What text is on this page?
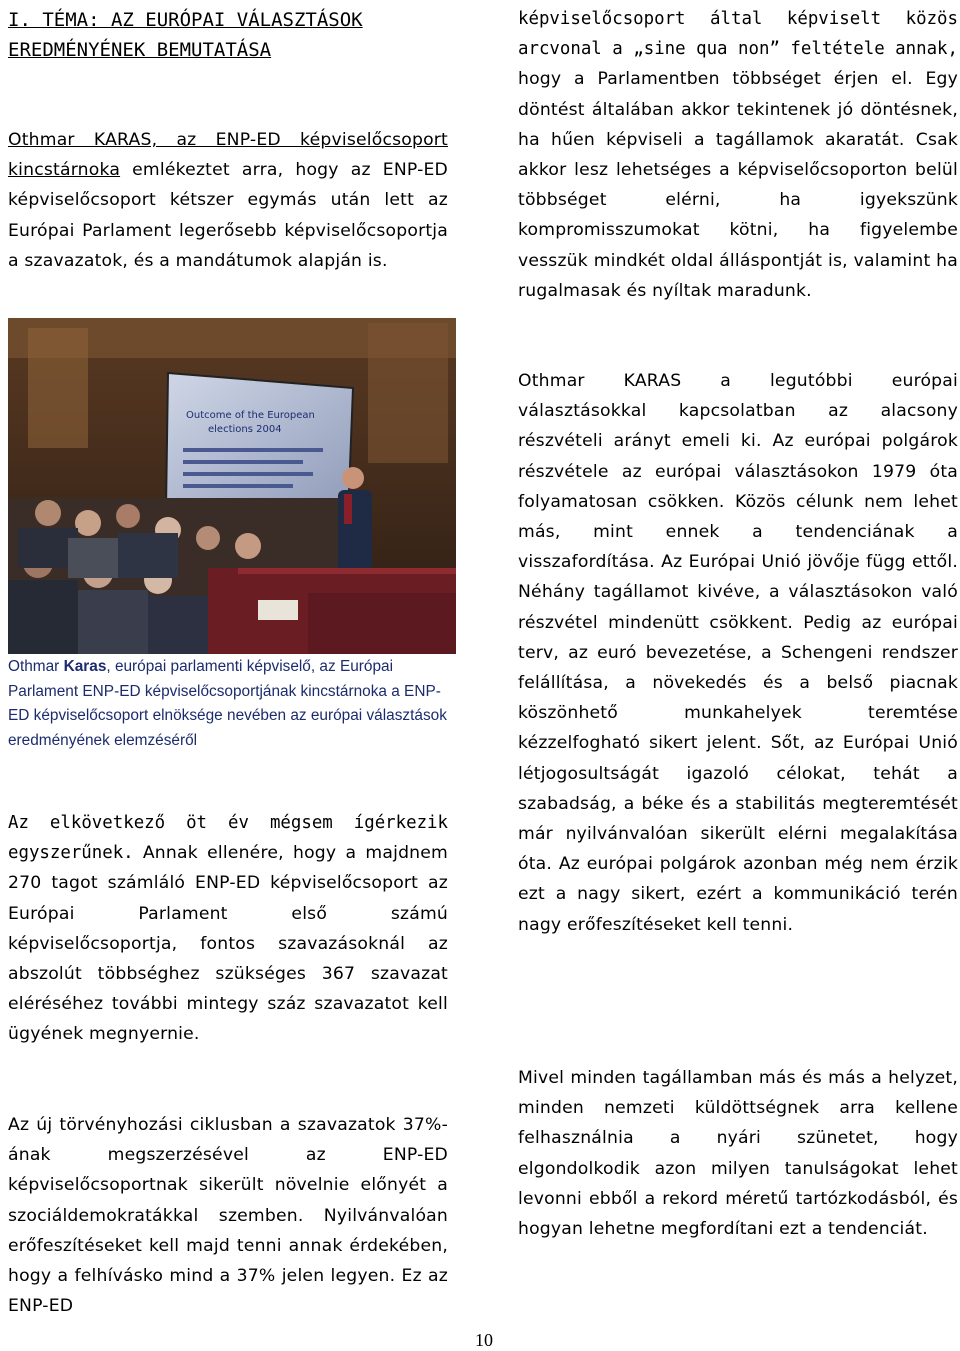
I. TÉMA: AZ EURÓPAI VÁLASZTÁSOK EREDMÉNYÉNEK BEMUTATÁSA

Othmar KARAS, az ENP-ED képviselőcsoport kincstárnoka emlékeztet arra, hogy az ENP-ED képviselőcsoport kétszer egymás után lett az Európai Parlament legerősebb képviselőcsoportja a szavazatok, és a mandátumok alapján is.

Outcome of the European
elections 2004

Othmar Karas, európai parlamenti képviselő, az Európai Parlament ENP-ED képviselőcsoportjának kincstárnoka a ENP-ED képviselőcsoport elnöksége nevében az európai választások eredményének elemzéséről

Az elkövetkező öt év mégsem ígérkezik egyszerűnek. Annak ellenére, hogy a majdnem 270 tagot számláló ENP-ED képviselőcsoport az Európai Parlament első számú képviselőcsoportja, fontos szavazásoknál az abszolút többséghez szükséges 367 szavazat eléréséhez további mintegy száz szavazatot kell ügyének megnyernie.

Az új törvényhozási ciklusban a szavazatok 37%-ának megszerzésével az ENP-ED képviselőcsoportnak sikerült növelnie előnyét a szociáldemokratákkal szemben. Nyilvánvalóan erőfeszítéseket kell majd tenni annak érdekében, hogy a felhívásko mind a 37% jelen legyen. Ez az ENP-ED

képviselőcsoport által képviselt közös arcvonal a „sine qua non” feltétele annak, hogy a Parlamentben többséget érjen el. Egy döntést általában akkor tekintenek jó döntésnek, ha hűen képviseli a tagállamok akaratát. Csak akkor lesz lehetséges a képviselőcsoporton belül többséget elérni, ha igyekszünk kompromisszumokat kötni, ha figyelembe vesszük mindkét oldal álláspontját is, valamint ha rugalmasak és nyíltak maradunk.

Othmar KARAS a legutóbbi európai választásokkal kapcsolatban az alacsony részvételi arányt emeli ki. Az európai polgárok részvétele az európai választásokon 1979 óta folyamatosan csökken. Közös célunk nem lehet más, mint ennek a tendenciának a visszafordítása. Az Európai Unió jövője függ ettől. Néhány tagállamot kivéve, a választásokon való részvétel mindenütt csökkent. Pedig az európai terv, az euró bevezetése, a Schengeni rendszer felállítása, a növekedés és a belső piacnak köszönhető munkahelyek teremtése kézzelfogható sikert jelent. Sőt, az Európai Unió létjogosultságát igazoló célokat, tehát a szabadság, a béke és a stabilitás megteremtését már nyilvánvalóan sikerült elérni megalakítása óta. Az európai polgárok azonban még nem érzik ezt a nagy sikert, ezért a kommunikáció terén nagy erőfeszítéseket kell tenni.

Mivel minden tagállamban más és más a helyzet, minden nemzeti küldöttségnek arra kellene felhasználnia a nyári szünetet, hogy elgondolkodik azon milyen tanulságokat lehet levonni ebből a rekord méretű tartózkodásból, és hogyan lehetne megfordítani ezt a tendenciát.

10
